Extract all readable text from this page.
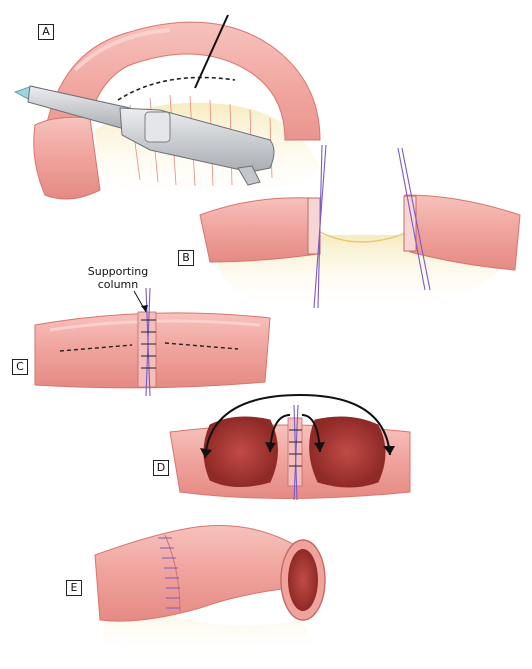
A
B
C
D
E
Supporting
column
